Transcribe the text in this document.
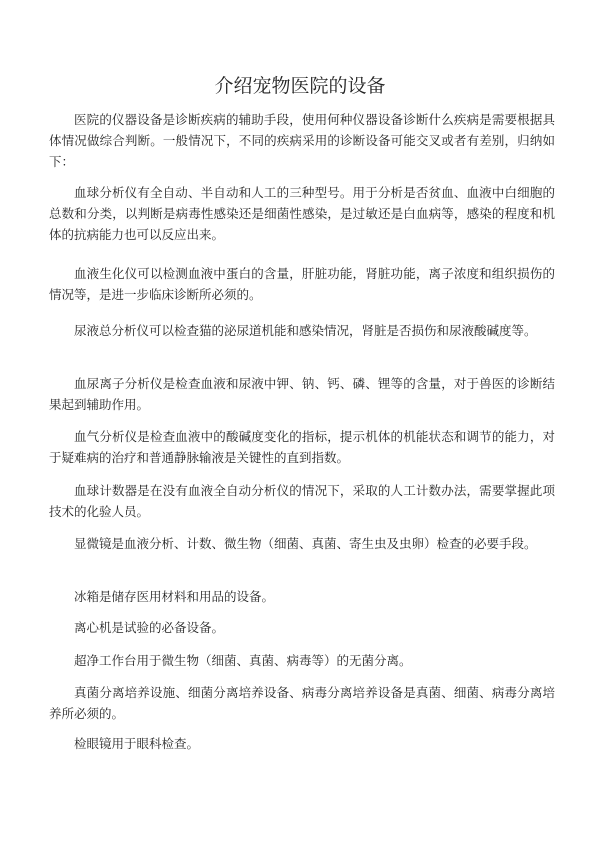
介绍宠物医院的设备

医院的仪器设备是诊断疾病的辅助手段，使用何种仪器设备诊断什么疾病是需要根据具体情况做综合判断。一般情况下，不同的疾病采用的诊断设备可能交叉或者有差别，归纳如下：

血球分析仪有全自动、半自动和人工的三种型号。用于分析是否贫血、血液中白细胞的总数和分类，以判断是病毒性感染还是细菌性感染，是过敏还是白血病等，感染的程度和机体的抗病能力也可以反应出来。

血液生化仪可以检测血液中蛋白的含量，肝脏功能，肾脏功能，离子浓度和组织损伤的情况等，是进一步临床诊断所必须的。

尿液总分析仪可以检查猫的泌尿道机能和感染情况，肾脏是否损伤和尿液酸碱度等。

血尿离子分析仪是检查血液和尿液中钾、钠、钙、磷、锂等的含量，对于兽医的诊断结果起到辅助作用。

血气分析仪是检查血液中的酸碱度变化的指标，提示机体的机能状态和调节的能力，对于疑难病的治疗和普通静脉输液是关键性的直到指数。

血球计数器是在没有血液全自动分析仪的情况下，采取的人工计数办法，需要掌握此项技术的化验人员。

显微镜是血液分析、计数、微生物（细菌、真菌、寄生虫及虫卵）检查的必要手段。

冰箱是储存医用材料和用品的设备。

离心机是试验的必备设备。

超净工作台用于微生物（细菌、真菌、病毒等）的无菌分离。

真菌分离培养设施、细菌分离培养设备、病毒分离培养设备是真菌、细菌、病毒分离培养所必须的。

检眼镜用于眼科检查。
